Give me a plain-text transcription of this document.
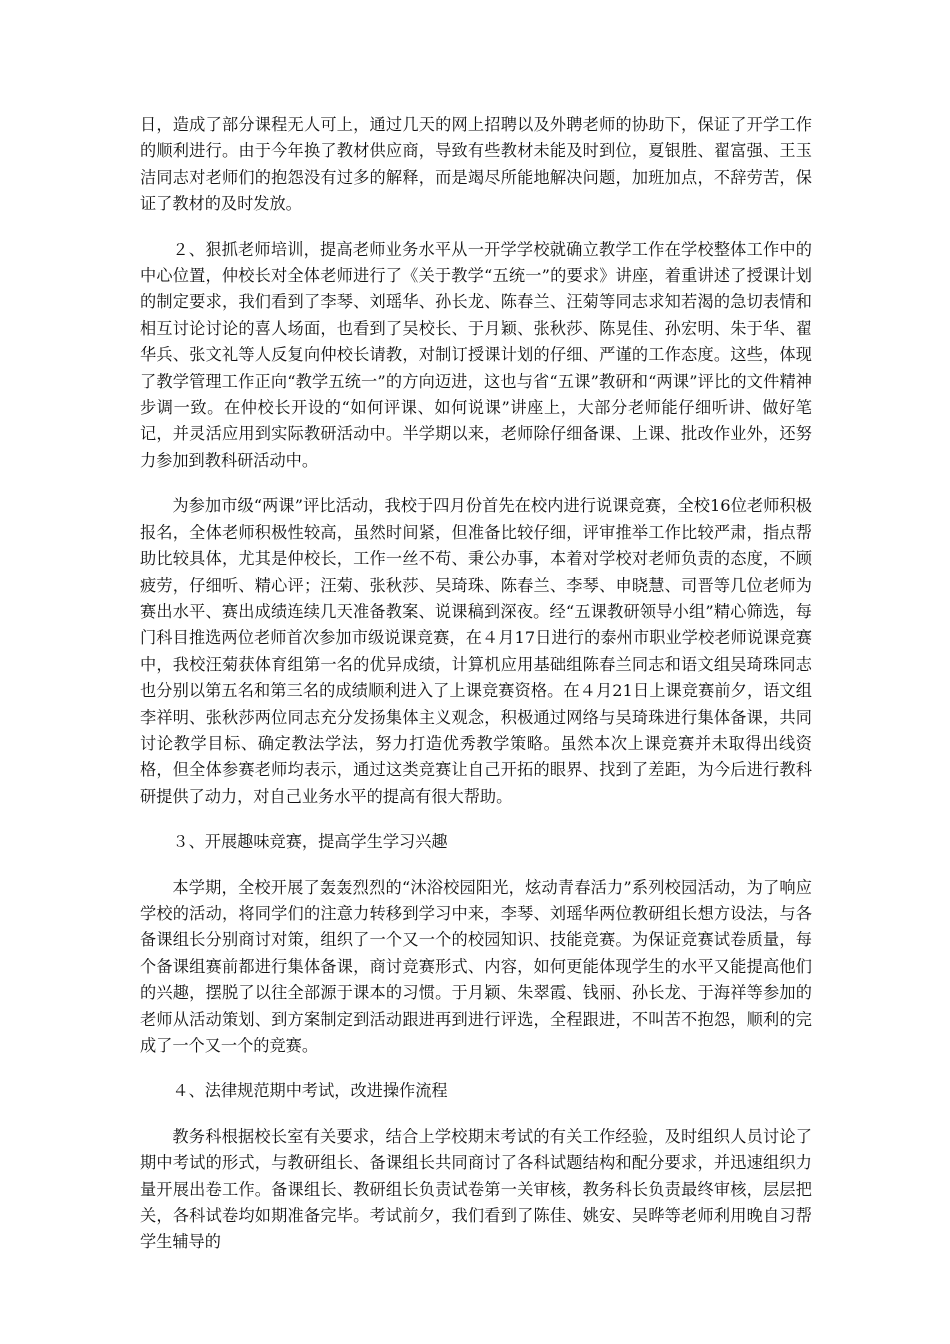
日，造成了部分课程无人可上，通过几天的网上招聘以及外聘老师的协助下，保证了开学工作的顺利进行。由于今年换了教材供应商，导致有些教材未能及时到位，夏银胜、翟富强、王玉洁同志对老师们的抱怨没有过多的解释，而是竭尽所能地解决问题，加班加点，不辞劳苦，保证了教材的及时发放。

２、狠抓老师培训，提高老师业务水平从一开学学校就确立教学工作在学校整体工作中的中心位置，仲校长对全体老师进行了《关于教学“五统一”的要求》讲座，着重讲述了授课计划的制定要求，我们看到了李琴、刘瑶华、孙长龙、陈春兰、汪菊等同志求知若渴的急切表情和相互讨论讨论的喜人场面，也看到了吴校长、于月颖、张秋莎、陈晃佳、孙宏明、朱于华、翟华兵、张文礼等人反复向仲校长请教，对制订授课计划的仔细、严谨的工作态度。这些，体现了教学管理工作正向“教学五统一”的方向迈进，这也与省“五课”教研和“两课”评比的文件精神步调一致。在仲校长开设的“如何评课、如何说课”讲座上，大部分老师能仔细听讲、做好笔记，并灵活应用到实际教研活动中。半学期以来，老师除仔细备课、上课、批改作业外，还努力参加到教科研活动中。

为参加市级“两课”评比活动，我校于四月份首先在校内进行说课竞赛，全校16位老师积极报名，全体老师积极性较高，虽然时间紧，但准备比较仔细，评审推举工作比较严肃，指点帮助比较具体，尤其是仲校长，工作一丝不苟、秉公办事，本着对学校对老师负责的态度，不顾疲劳，仔细听、精心评；汪菊、张秋莎、吴琦珠、陈春兰、李琴、申晓慧、司晋等几位老师为赛出水平、赛出成绩连续几天准备教案、说课稿到深夜。经“五课教研领导小组”精心筛选，每门科目推选两位老师首次参加市级说课竞赛，在４月17日进行的泰州市职业学校老师说课竞赛中，我校汪菊获体育组第一名的优异成绩，计算机应用基础组陈春兰同志和语文组吴琦珠同志也分别以第五名和第三名的成绩顺利进入了上课竞赛资格。在４月21日上课竞赛前夕，语文组李祥明、张秋莎两位同志充分发扬集体主义观念，积极通过网络与吴琦珠进行集体备课，共同讨论教学目标、确定教法学法，努力打造优秀教学策略。虽然本次上课竞赛并未取得出线资格，但全体参赛老师均表示，通过这类竞赛让自己开拓的眼界、找到了差距，为今后进行教科研提供了动力，对自己业务水平的提高有很大帮助。

３、开展趣味竞赛，提高学生学习兴趣

本学期，全校开展了轰轰烈烈的“沐浴校园阳光，炫动青春活力”系列校园活动，为了响应学校的活动，将同学们的注意力转移到学习中来，李琴、刘瑶华两位教研组长想方设法，与各备课组长分别商讨对策，组织了一个又一个的校园知识、技能竞赛。为保证竞赛试卷质量，每个备课组赛前都进行集体备课，商讨竞赛形式、内容，如何更能体现学生的水平又能提高他们的兴趣，摆脱了以往全部源于课本的习惯。于月颖、朱翠霞、钱丽、孙长龙、于海祥等参加的老师从活动策划、到方案制定到活动跟进再到进行评选，全程跟进，不叫苦不抱怨，顺利的完成了一个又一个的竞赛。

４、法律规范期中考试，改进操作流程

教务科根据校长室有关要求，结合上学校期末考试的有关工作经验，及时组织人员讨论了期中考试的形式，与教研组长、备课组长共同商讨了各科试题结构和配分要求，并迅速组织力量开展出卷工作。备课组长、教研组长负责试卷第一关审核，教务科长负责最终审核，层层把关，各科试卷均如期准备完毕。考试前夕，我们看到了陈佳、姚安、吴晔等老师利用晚自习帮学生辅导的
